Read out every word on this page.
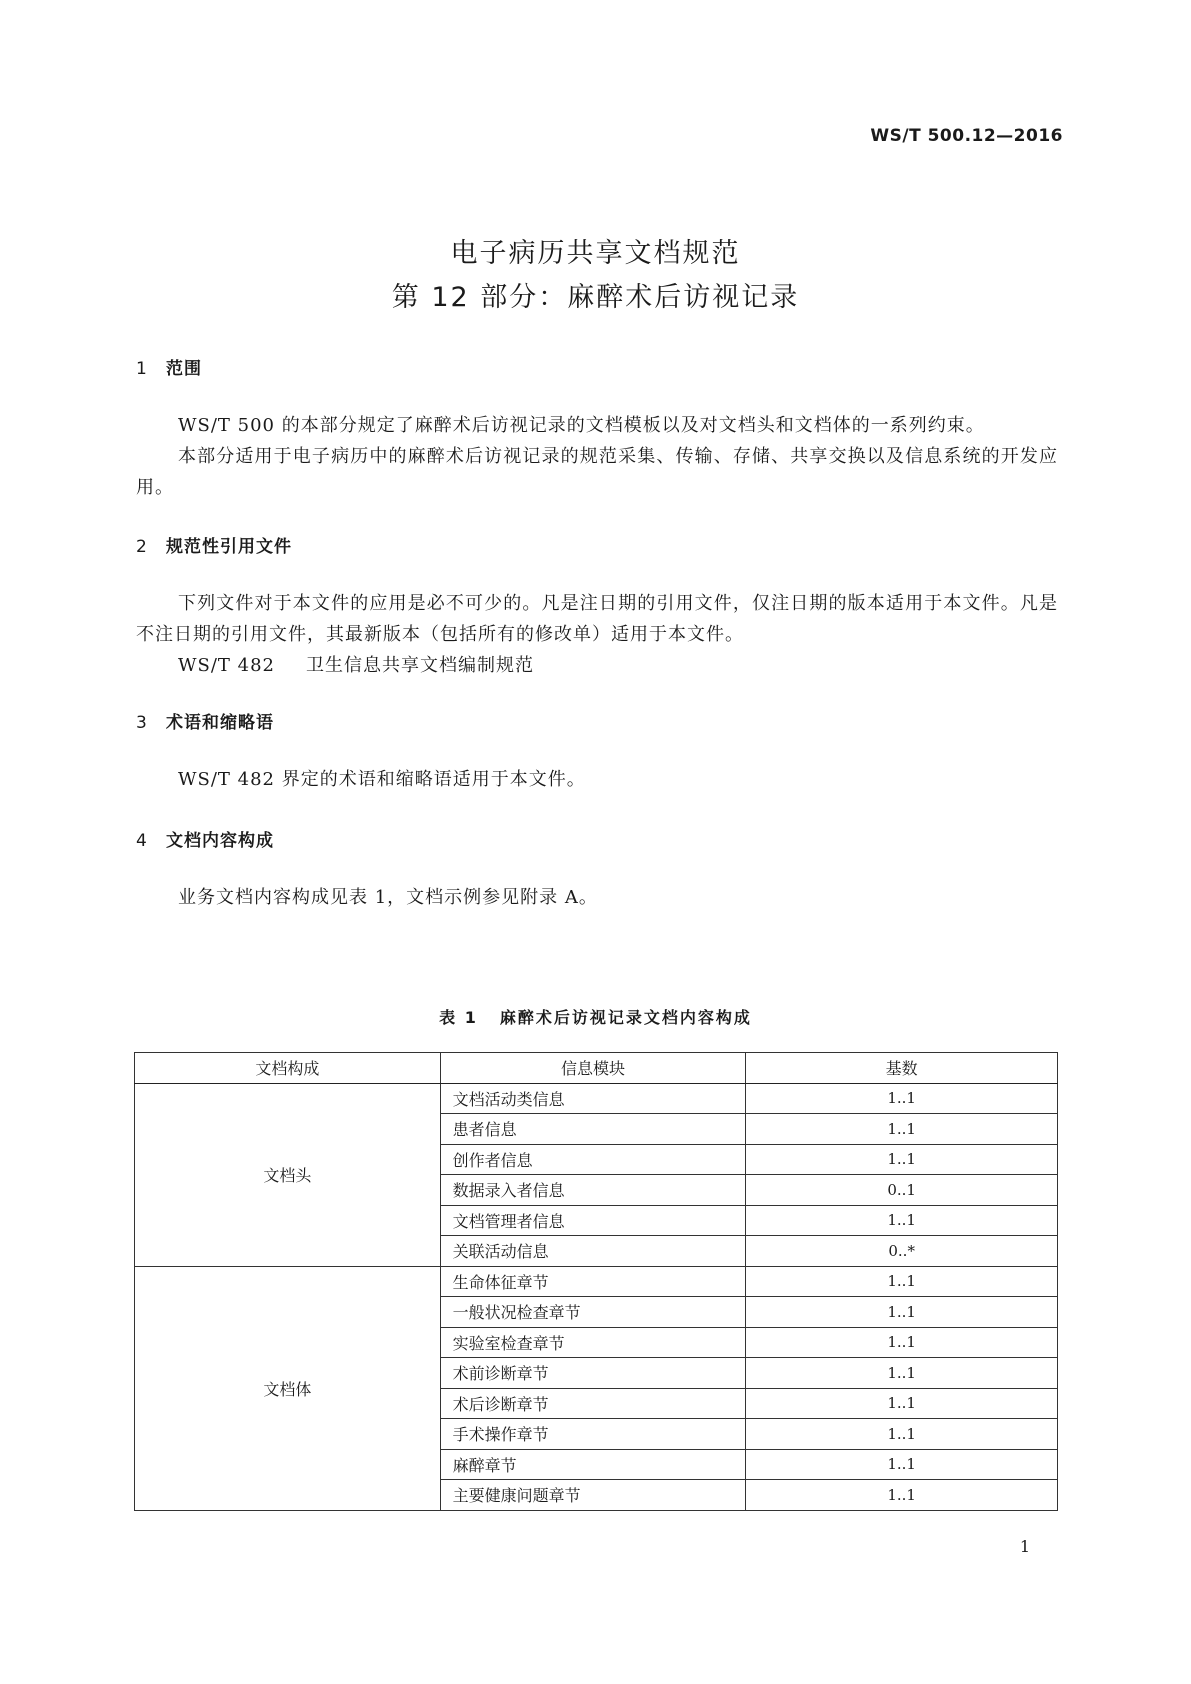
WS/T 500.12—2016
电子病历共享文档规范
第 12 部分：麻醉术后访视记录
1 范围

WS/T 500 的本部分规定了麻醉术后访视记录的文档模板以及对文档头和文档体的一系列约束。

本部分适用于电子病历中的麻醉术后访视记录的规范采集、传输、存储、共享交换以及信息系统的开发应用。

2 规范性引用文件

下列文件对于本文件的应用是必不可少的。凡是注日期的引用文件，仅注日期的版本适用于本文件。凡是不注日期的引用文件，其最新版本（包括所有的修改单）适用于本文件。

WS/T 482 卫生信息共享文档编制规范
3 术语和缩略语

WS/T 482 界定的术语和缩略语适用于本文件。

4 文档内容构成

业务文档内容构成见表 1，文档示例参见附录 A。

表 1 麻醉术后访视记录文档内容构成
文档构成	信息模块	基数
文档头	文档活动类信息	1..1
	患者信息	1..1
	创作者信息	1..1
	数据录入者信息	0..1
	文档管理者信息	1..1
	关联活动信息	0..*
文档体	生命体征章节	1..1
	一般状况检查章节	1..1
	实验室检查章节	1..1
	术前诊断章节	1..1
	术后诊断章节	1..1
	手术操作章节	1..1
	麻醉章节	1..1
	主要健康问题章节	1..1
1
